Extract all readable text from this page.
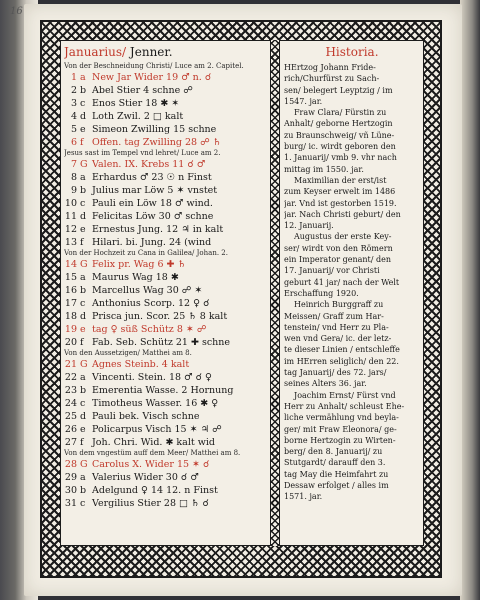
16
Januarius/ Jenner.	Historia.
Von der Beschneidung Christi/ Luce am 2. Capitel.
1 a New Jar Wider 19 ♂ n. ☌
2 b Abel Stier 4 schne ☍
3 c Enos Stier 18 ✱ ✶
4 d Loth Zwil. 2 □ kalt
5 e Simeon Zwilling 15 schne
6 f Offen. tag Zwilling 28 ☍ ♄
Jesus sast im Tempel vnd lehret/ Luce am 2.
7 G Valen. IX. Krebs 11 ☌ ♂
8 a Erhardus ♂ 23 ☉ n Finst
9 b Julius mar Löw 5 ✶ vnstet
10 c Pauli ein Löw 18 ♂ wind.
11 d Felicitas Löw 30 ♂ schne
12 e Ernestus Jung. 12 ♃ in kalt
13 f Hilari. bi. Jung. 24 (wind
Von der Hochzeit zu Cana in Galilea/ Johan. 2.
14 G Felix pr. Wag 6 ✚ ♄
15 a Maurus Wag 18 ✱
16 b Marcellus Wag 30 ☍ ✶
17 c Anthonius Scorp. 12 ♀ ☌
18 d Prisca jun. Scor. 25 ♄ 8 kalt
19 e tag ♀ süß Schütz 8 ✶ ☍
20 f Fab. Seb. Schütz 21 ✚ schne
Von den Aussetzigen/ Matthei am 8.
21 G Agnes Steinb. 4 kalt
22 a Vincenti. Stein. 18 ♂ ☌ ♀
23 b Emerentia Wasse. 2 Hornung
24 c Timotheus Wasser. 16 ✱ ♀
25 d Pauli bek. Visch schne
26 e Policarpus Visch 15 ✶ ♃ ☍
27 f Joh. Chri. Wid. ✱ kalt wid
Von dem vngestüm auff dem Meer/ Matthei am 8.
28 G Carolus X. Wider 15 ✶ ☌
29 a Valerius Wider 30 ☌ ♂
30 b Adelgund ♀ 14 12. n Finst
31 c Vergilius Stier 28 □ ♄ ☌
HErtzog Johann Fride-
rich/Churfürst zu Sach-
sen/ belegert Leyptzig / im
1547. jar.
Fraw Clara/ Fürstin zu
Anhalt/ geborne Hertzogin
zu Braunschweig/ vñ Lüne-
burg/ ic. wirdt geboren den
1. Januarij/ vmb 9. vhr nach
mittag im 1550. jar.
Maximilian der erst/ist
zum Keyser erwelt im 1486
jar. Vnd ist gestorben 1519.
jar. Nach Christi geburt/ den
12. Januarij.
Augustus der erste Key-
ser/ wirdt von den Römern
ein Imperator genant/ den
17. Januarij/ vor Christi
geburt 41 jar/ nach der Welt
Erschaffung 1920.
Heinrich Burggraff zu
Meissen/ Graff zum Har-
tenstein/ vnd Herr zu Pla-
wen vnd Gera/ ic. der letz-
te dieser Linien / entschleffe
im HErren seliglich/ den 22.
tag Januarij/ des 72. jars/
seines Alters 36. jar.
Joachim Ernst/ Fürst vnd
Herr zu Anhalt/ schleust Ehe-
liche vermählung vnd beyla-
ger/ mit Fraw Eleonora/ ge-
borne Hertzogin zu Wirten-
berg/ den 8. Januarij/ zu
Stutgardt/ darauff den 3.
tag May die Heimfahrt zu
Dessaw erfolget / alles im
1571. jar.
